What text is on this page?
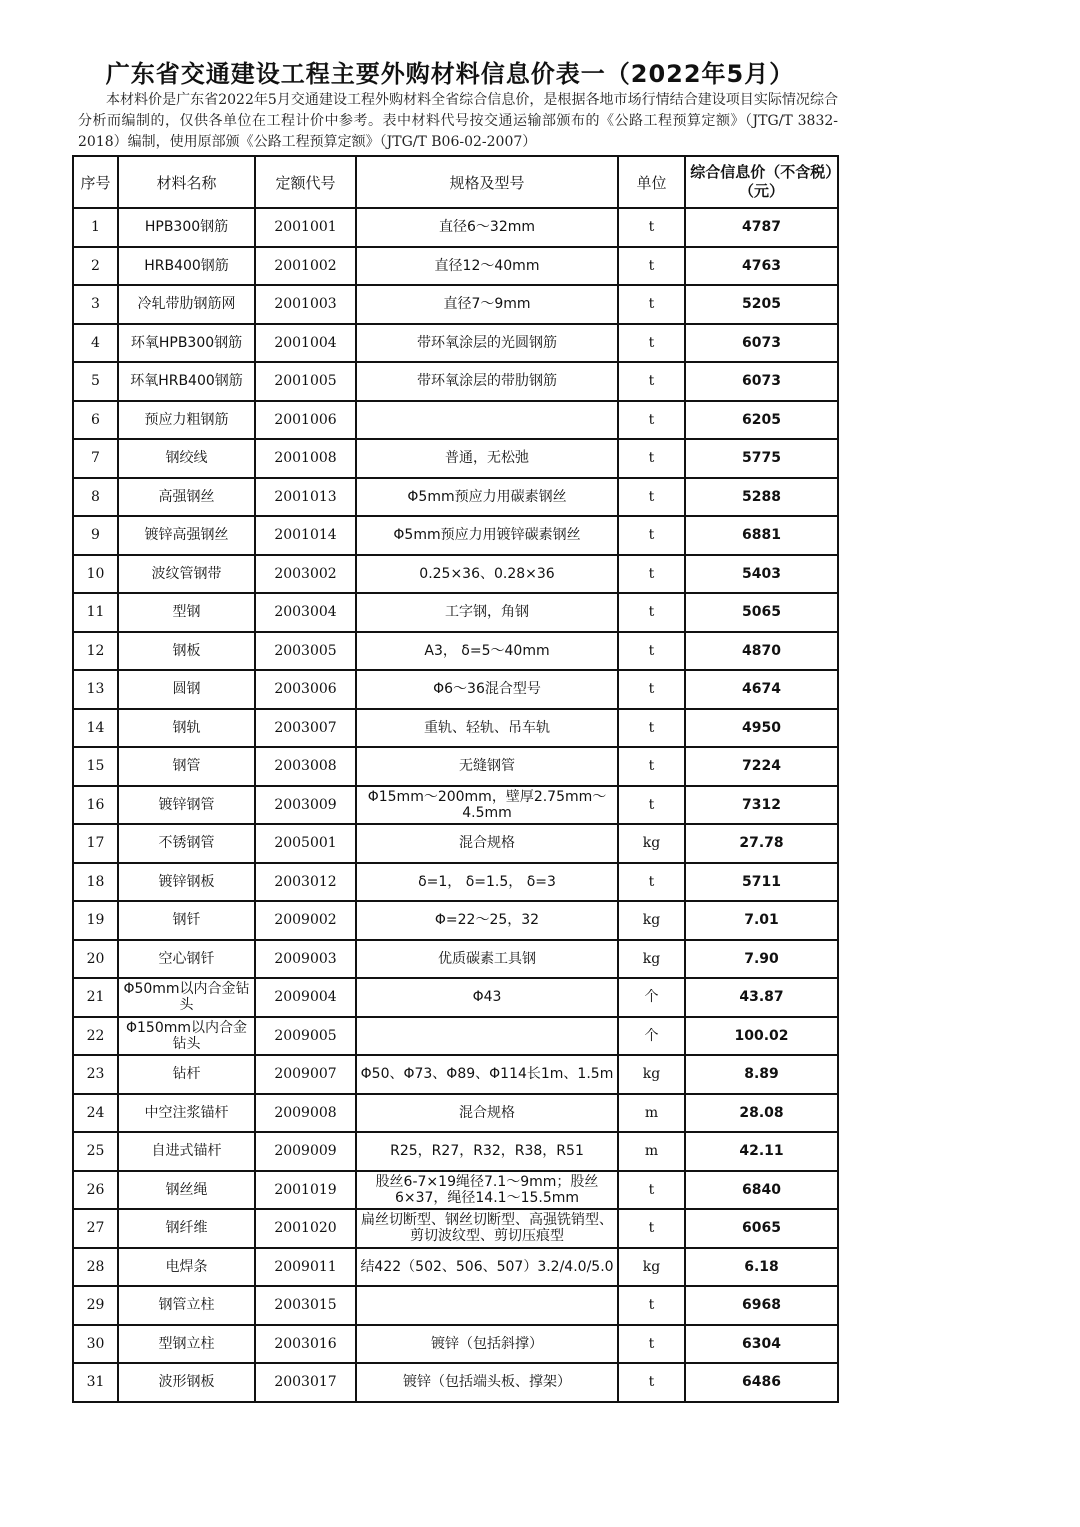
广东省交通建设工程主要外购材料信息价表一（2022年5月）
本材料价是广东省2022年5月交通建设工程外购材料全省综合信息价，是根据各地市场行情结合建设项目实际情况综合分析而编制的，仅供各单位在工程计价中参考。表中材料代号按交通运输部颁布的《公路工程预算定额》（JTG/T 3832-2018）编制，使用原部颁《公路工程预算定额》（JTG/T B06-02-2007）
序号	材料名称	定额代号	规格及型号	单位	综合信息价（不含税）（元）
1	HPB300钢筋	2001001	直径6～32mm	t	4787
2	HRB400钢筋	2001002	直径12～40mm	t	4763
3	冷轧带肋钢筋网	2001003	直径7～9mm	t	5205
4	环氧HPB300钢筋	2001004	带环氧涂层的光圆钢筋	t	6073
5	环氧HRB400钢筋	2001005	带环氧涂层的带肋钢筋	t	6073
6	预应力粗钢筋	2001006		t	6205
7	钢绞线	2001008	普通，无松弛	t	5775
8	高强钢丝	2001013	Φ5mm预应力用碳素钢丝	t	5288
9	镀锌高强钢丝	2001014	Φ5mm预应力用镀锌碳素钢丝	t	6881
10	波纹管钢带	2003002	0.25×36、0.28×36	t	5403
11	型钢	2003004	工字钢，角钢	t	5065
12	钢板	2003005	A3， δ=5～40mm	t	4870
13	圆钢	2003006	Φ6～36混合型号	t	4674
14	钢轨	2003007	重轨、轻轨、吊车轨	t	4950
15	钢管	2003008	无缝钢管	t	7224
16	镀锌钢管	2003009	Φ15mm～200mm，壁厚2.75mm～4.5mm	t	7312
17	不锈钢管	2005001	混合规格	kg	27.78
18	镀锌钢板	2003012	δ=1， δ=1.5， δ=3	t	5711
19	钢钎	2009002	Φ=22～25，32	kg	7.01
20	空心钢钎	2009003	优质碳素工具钢	kg	7.90
21	Φ50mm以内合金钻头	2009004	Φ43	个	43.87
22	Φ150mm以内合金钻头	2009005		个	100.02
23	钻杆	2009007	Φ50、Φ73、Φ89、Φ114长1m、1.5m	kg	8.89
24	中空注浆锚杆	2009008	混合规格	m	28.08
25	自进式锚杆	2009009	R25，R27，R32，R38，R51	m	42.11
26	钢丝绳	2001019	股丝6-7×19绳径7.1～9mm；股丝6×37，绳径14.1～15.5mm	t	6840
27	钢纤维	2001020	扁丝切断型、钢丝切断型、高强铣销型、剪切波纹型、剪切压痕型	t	6065
28	电焊条	2009011	结422（502、506、507）3.2/4.0/5.0	kg	6.18
29	钢管立柱	2003015		t	6968
30	型钢立柱	2003016	镀锌（包括斜撑）	t	6304
31	波形钢板	2003017	镀锌（包括端头板、撑架）	t	6486
